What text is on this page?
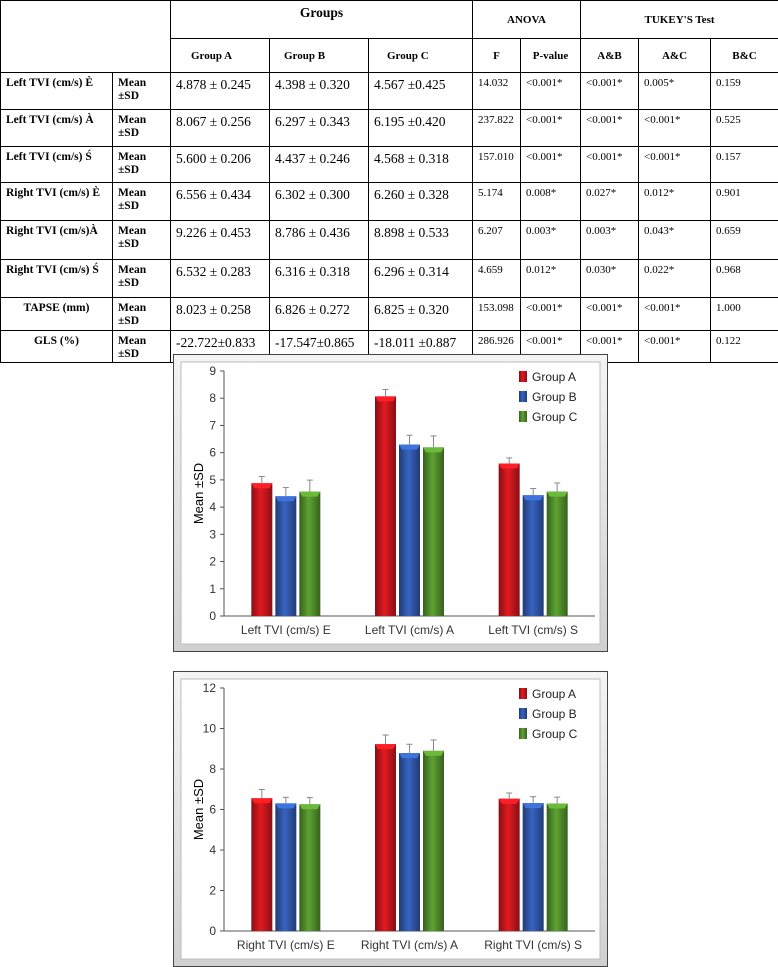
		Groups			ANOVA		TUKEY'S Test		
		Group A	Group B	Group C	F	P-value	A&B	A&C	B&C
Left TVI (cm/s) È	Mean ±SD	4.878 ± 0.245	4.398 ± 0.320	4.567 ±0.425	14.032	<0.001*	<0.001*	0.005*	0.159
Left TVI (cm/s) À	Mean ±SD	8.067 ± 0.256	6.297 ± 0.343	6.195 ±0.420	237.822	<0.001*	<0.001*	<0.001*	0.525
Left TVI (cm/s) Ś	Mean ±SD	5.600 ± 0.206	4.437 ± 0.246	4.568 ± 0.318	157.010	<0.001*	<0.001*	<0.001*	0.157
Right TVI (cm/s) È	Mean ±SD	6.556 ± 0.434	6.302 ± 0.300	6.260 ± 0.328	5.174	0.008*	0.027*	0.012*	0.901
Right TVI (cm/s)À	Mean ±SD	9.226 ± 0.453	8.786 ± 0.436	8.898 ± 0.533	6.207	0.003*	0.003*	0.043*	0.659
Right TVI (cm/s) Ś	Mean ±SD	6.532 ± 0.283	6.316 ± 0.318	6.296 ± 0.314	4.659	0.012*	0.030*	0.022*	0.968
TAPSE (mm)	Mean ±SD	8.023 ± 0.258	6.826 ± 0.272	6.825 ± 0.320	153.098	<0.001*	<0.001*	<0.001*	1.000
GLS (%)	Mean ±SD	-22.722±0.833	-17.547±0.865	-18.011 ±0.887	286.926	<0.001*	<0.001*	<0.001*	0.122
0
1
2
3
4
5
6
7
8
9
Mean ±SD
Left TVI (cm/s) E	Left TVI (cm/s) A	Left TVI (cm/s) S
Group A
Group B
Group C
0
2
4
6
8
10
12
Mean ±SD
Right TVI (cm/s) E Right TVI (cm/s) A Right TVI (cm/s) S
Group A
Group B
Group C
